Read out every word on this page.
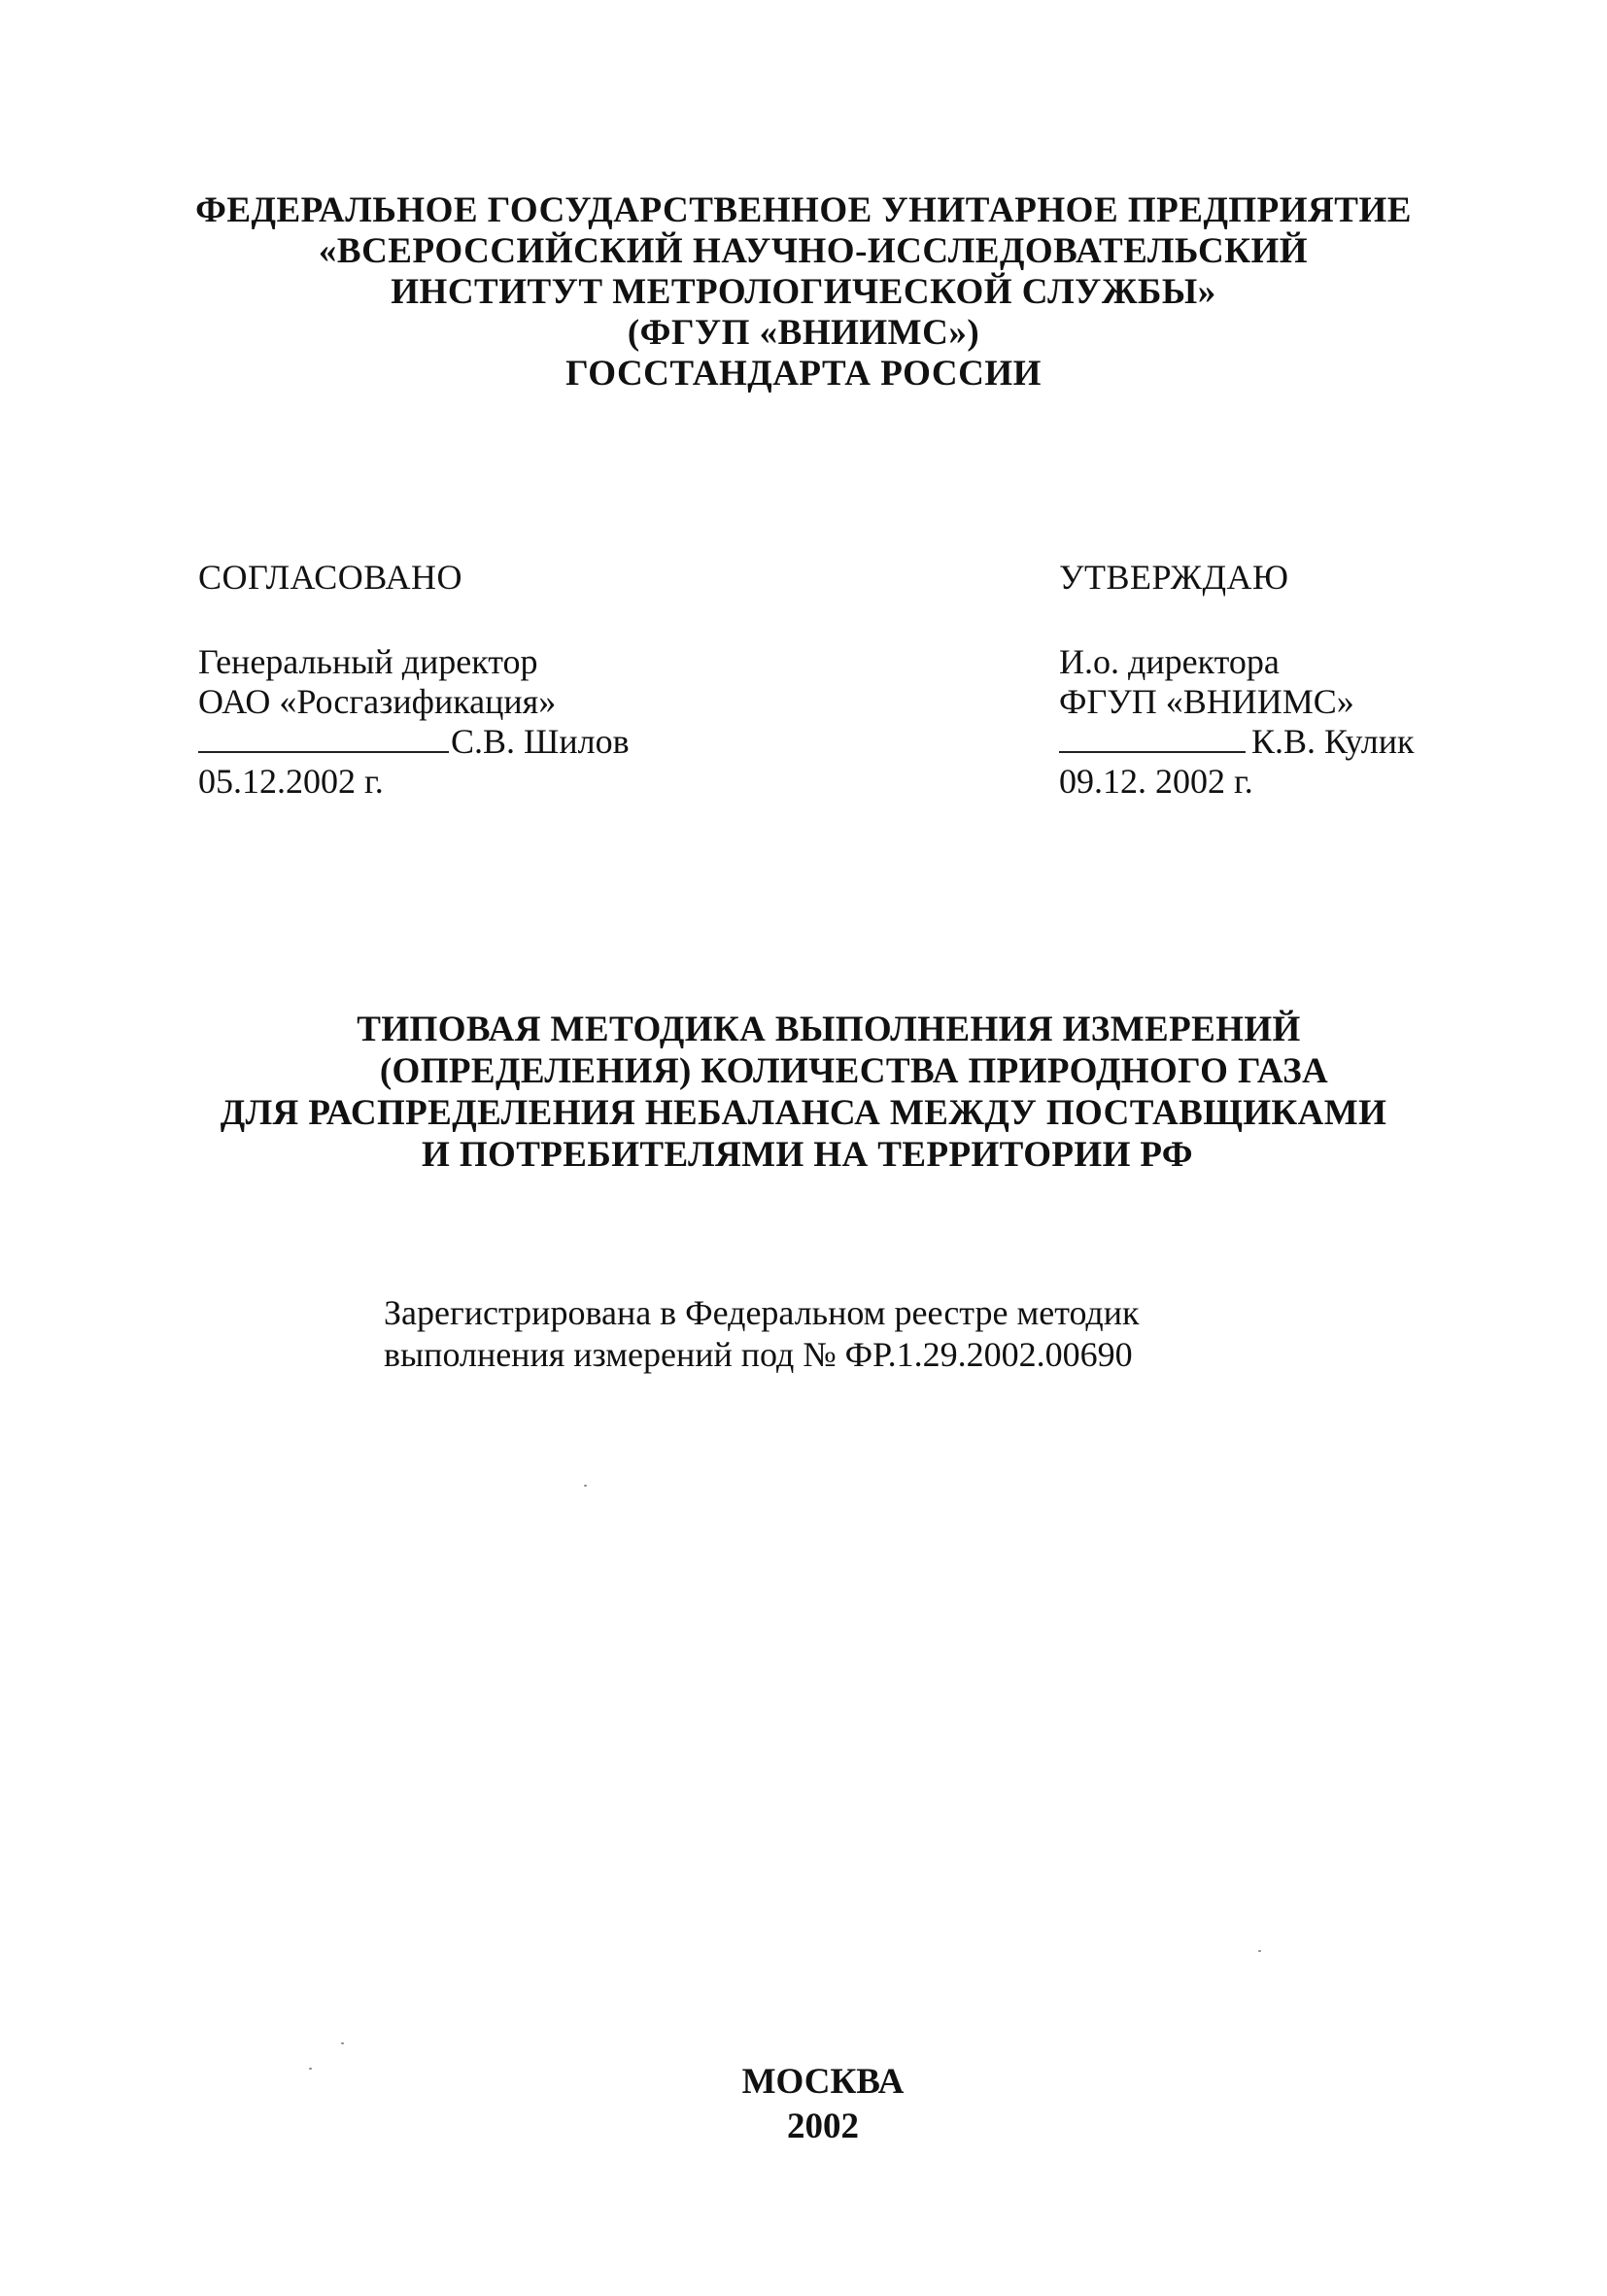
ФЕДЕРАЛЬНОЕ ГОСУДАРСТВЕННОЕ УНИТАРНОЕ ПРЕДПРИЯТИЕ
«ВСЕРОССИЙСКИЙ НАУЧНО-ИССЛЕДОВАТЕЛЬСКИЙ
ИНСТИТУТ МЕТРОЛОГИЧЕСКОЙ СЛУЖБЫ»
(ФГУП «ВНИИМС»)
ГОССТАНДАРТА РОССИИ
СОГЛАСОВАНО
Генеральный директор
ОАО «Росгазификация»
С.В. Шилов
05.12.2002 г.
УТВЕРЖДАЮ
И.о. директора
ФГУП «ВНИИМС»
К.В. Кулик
09.12. 2002 г.
ТИПОВАЯ МЕТОДИКА ВЫПОЛНЕНИЯ ИЗМЕРЕНИЙ
(ОПРЕДЕЛЕНИЯ) КОЛИЧЕСТВА ПРИРОДНОГО ГАЗА
ДЛЯ РАСПРЕДЕЛЕНИЯ НЕБАЛАНСА МЕЖДУ ПОСТАВЩИКАМИ
И ПОТРЕБИТЕЛЯМИ НА ТЕРРИТОРИИ РФ
Зарегистрирована в Федеральном реестре методик
выполнения измерений под № ФР.1.29.2002.00690
МОСКВА
2002
